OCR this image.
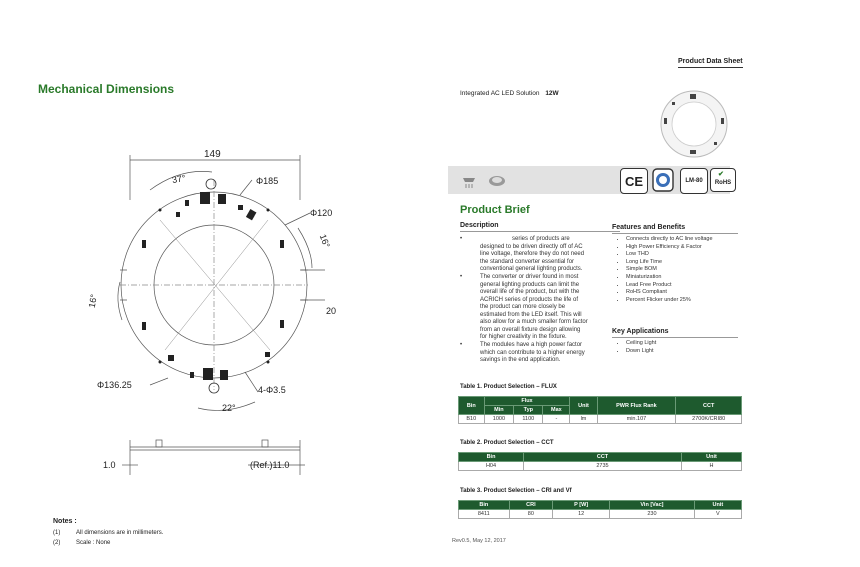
Mechanical Dimensions
149
Φ185
Φ120
37°
16°
16°
20
Φ136.25	4-Φ3.5
22°
1.0	(Ref.)11.0
Notes :
(1)	All dimensions are in millimeters.
(2)	Scale : None
Product Data Sheet
Integrated AC LED Solution 12W
CE	LM-80	RoHS
✔
Product Brief
Description
•	series of products are designed to be driven directly off of AC line voltage, therefore they do not need the standard converter essential for conventional general lighting products.
•	The converter or driver found in most general lighting products can limit the overall life of the product, but with the ACRICH series of products the life of the product can more closely be estimated from the LED itself. This will also allow for a much smaller form factor from an overall fixture design allowing for higher creativity in the fixture.
•	The modules have a high power factor which can contribute to a higher energy savings in the end application.
Features and Benefits
• Connects directly to AC line voltage
• High Power Efficiency & Factor
• Low THD
• Long Life Time
• Simple BOM
• Miniaturization
• Lead Free Product
• RoHS Compliant
• Percent Flicker under 25%
Key Applications
• Ceiling Light
• Down Light
Table 1. Product Selection – FLUX
Bin	Flux			Unit	PWR Flux Rank	CCT
	Min	Typ	Max			
B10	1000	1100	-	lm	min.107	2700K/CRI80
Table 2. Product Selection – CCT
Bin	CCT	Unit
H04	2735	H
Table 3. Product Selection – CRI and Vf
Bin	CRI	P [W]	Vin [Vac]	Unit
8411	80	12	230	V
Rev0.5, May 12, 2017
